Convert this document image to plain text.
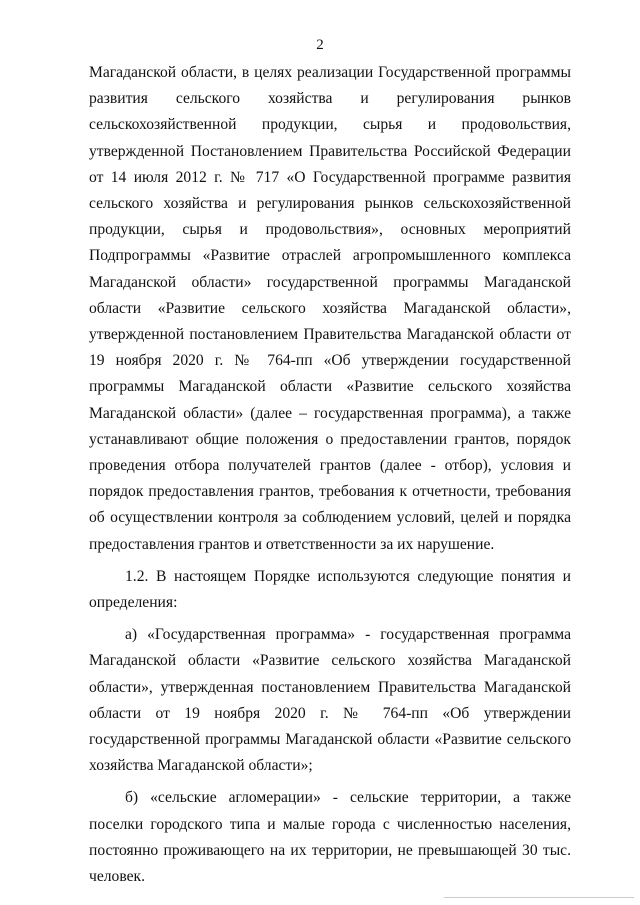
2

Магаданской области, в целях реализации Государственной программы развития сельского хозяйства и регулирования рынков сельскохозяйственной продукции, сырья и продовольствия, утвержденной Постановлением Правительства Российской Федерации от 14 июля 2012 г. № 717 «О Государственной программе развития сельского хозяйства и регулирования рынков сельскохозяйственной продукции, сырья и продовольствия», основных мероприятий Подпрограммы «Развитие отраслей агропромышленного комплекса Магаданской области» государственной программы Магаданской области «Развитие сельского хозяйства Магаданской области», утвержденной постановлением Правительства Магаданской области от 19 ноября 2020 г. № 764-пп «Об утверждении государственной программы Магаданской области «Развитие сельского хозяйства Магаданской области» (далее – государственная программа), а также устанавливают общие положения о предоставлении грантов, порядок проведения отбора получателей грантов (далее - отбор), условия и порядок предоставления грантов, требования к отчетности, требования об осуществлении контроля за соблюдением условий, целей и порядка предоставления грантов и ответственности за их нарушение.

1.2. В настоящем Порядке используются следующие понятия и определения:

а) «Государственная программа» - государственная программа Магаданской области «Развитие сельского хозяйства Магаданской области», утвержденная постановлением Правительства Магаданской области от 19 ноября 2020 г. № 764-пп «Об утверждении государственной программы Магаданской области «Развитие сельского хозяйства Магаданской области»;

б) «сельские агломерации» - сельские территории, а также поселки городского типа и малые города с численностью населения, постоянно проживающего на их территории, не превышающей 30 тыс. человек.
